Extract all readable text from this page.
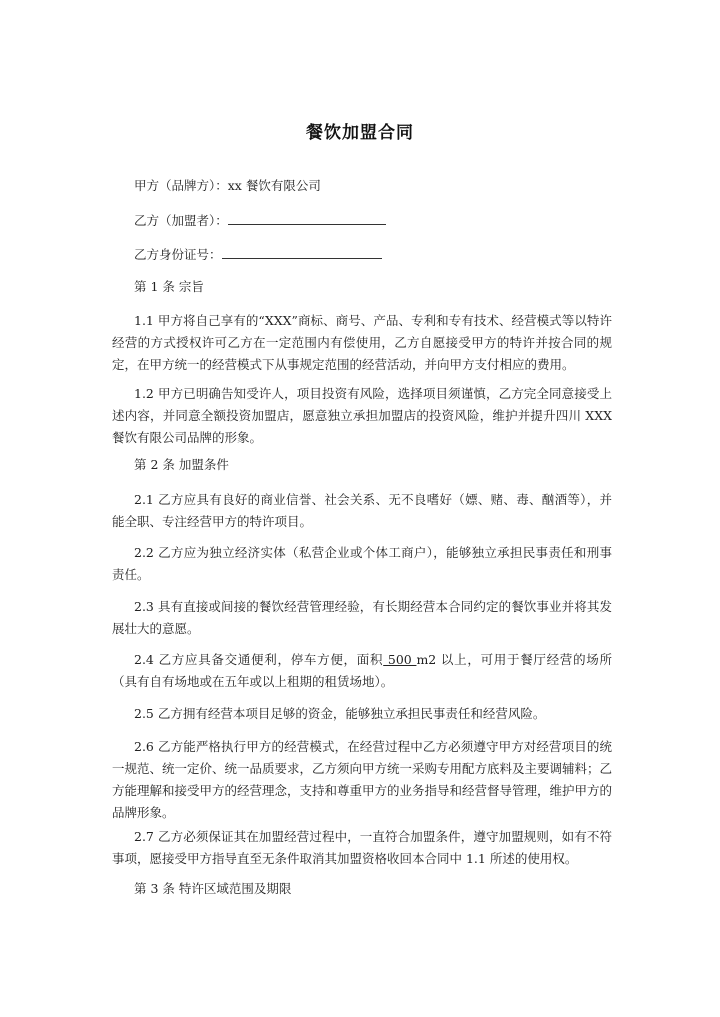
餐饮加盟合同
甲方（品牌方）：xx 餐饮有限公司
乙方（加盟者）：
乙方身份证号：
第 1 条 宗旨
1.1 甲方将自己享有的“XXX”商标、商号、产品、专利和专有技术、经营模式等以特许经营的方式授权许可乙方在一定范围内有偿使用，乙方自愿接受甲方的特许并按合同的规定，在甲方统一的经营模式下从事规定范围的经营活动，并向甲方支付相应的费用。
1.2 甲方已明确告知受许人，项目投资有风险，选择项目须谨慎，乙方完全同意接受上述内容，并同意全额投资加盟店，愿意独立承担加盟店的投资风险，维护并提升四川 XXX 餐饮有限公司品牌的形象。
第 2 条 加盟条件
2.1 乙方应具有良好的商业信誉、社会关系、无不良嗜好（嫖、赌、毒、酗酒等），并能全职、专注经营甲方的特许项目。
2.2 乙方应为独立经济实体（私营企业或个体工商户），能够独立承担民事责任和刑事责任。
2.3 具有直接或间接的餐饮经营管理经验，有长期经营本合同约定的餐饮事业并将其发展壮大的意愿。
2.4 乙方应具备交通便利，停车方便，面积 500 m2 以上，可用于餐厅经营的场所（具有自有场地或在五年或以上租期的租赁场地）。
2.5 乙方拥有经营本项目足够的资金，能够独立承担民事责任和经营风险。
2.6 乙方能严格执行甲方的经营模式，在经营过程中乙方必须遵守甲方对经营项目的统一规范、统一定价、统一品质要求，乙方须向甲方统一采购专用配方底料及主要调辅料；乙方能理解和接受甲方的经营理念，支持和尊重甲方的业务指导和经营督导管理，维护甲方的品牌形象。
2.7 乙方必须保证其在加盟经营过程中，一直符合加盟条件，遵守加盟规则，如有不符事项，愿接受甲方指导直至无条件取消其加盟资格收回本合同中 1.1 所述的使用权。
第 3 条 特许区域范围及期限
